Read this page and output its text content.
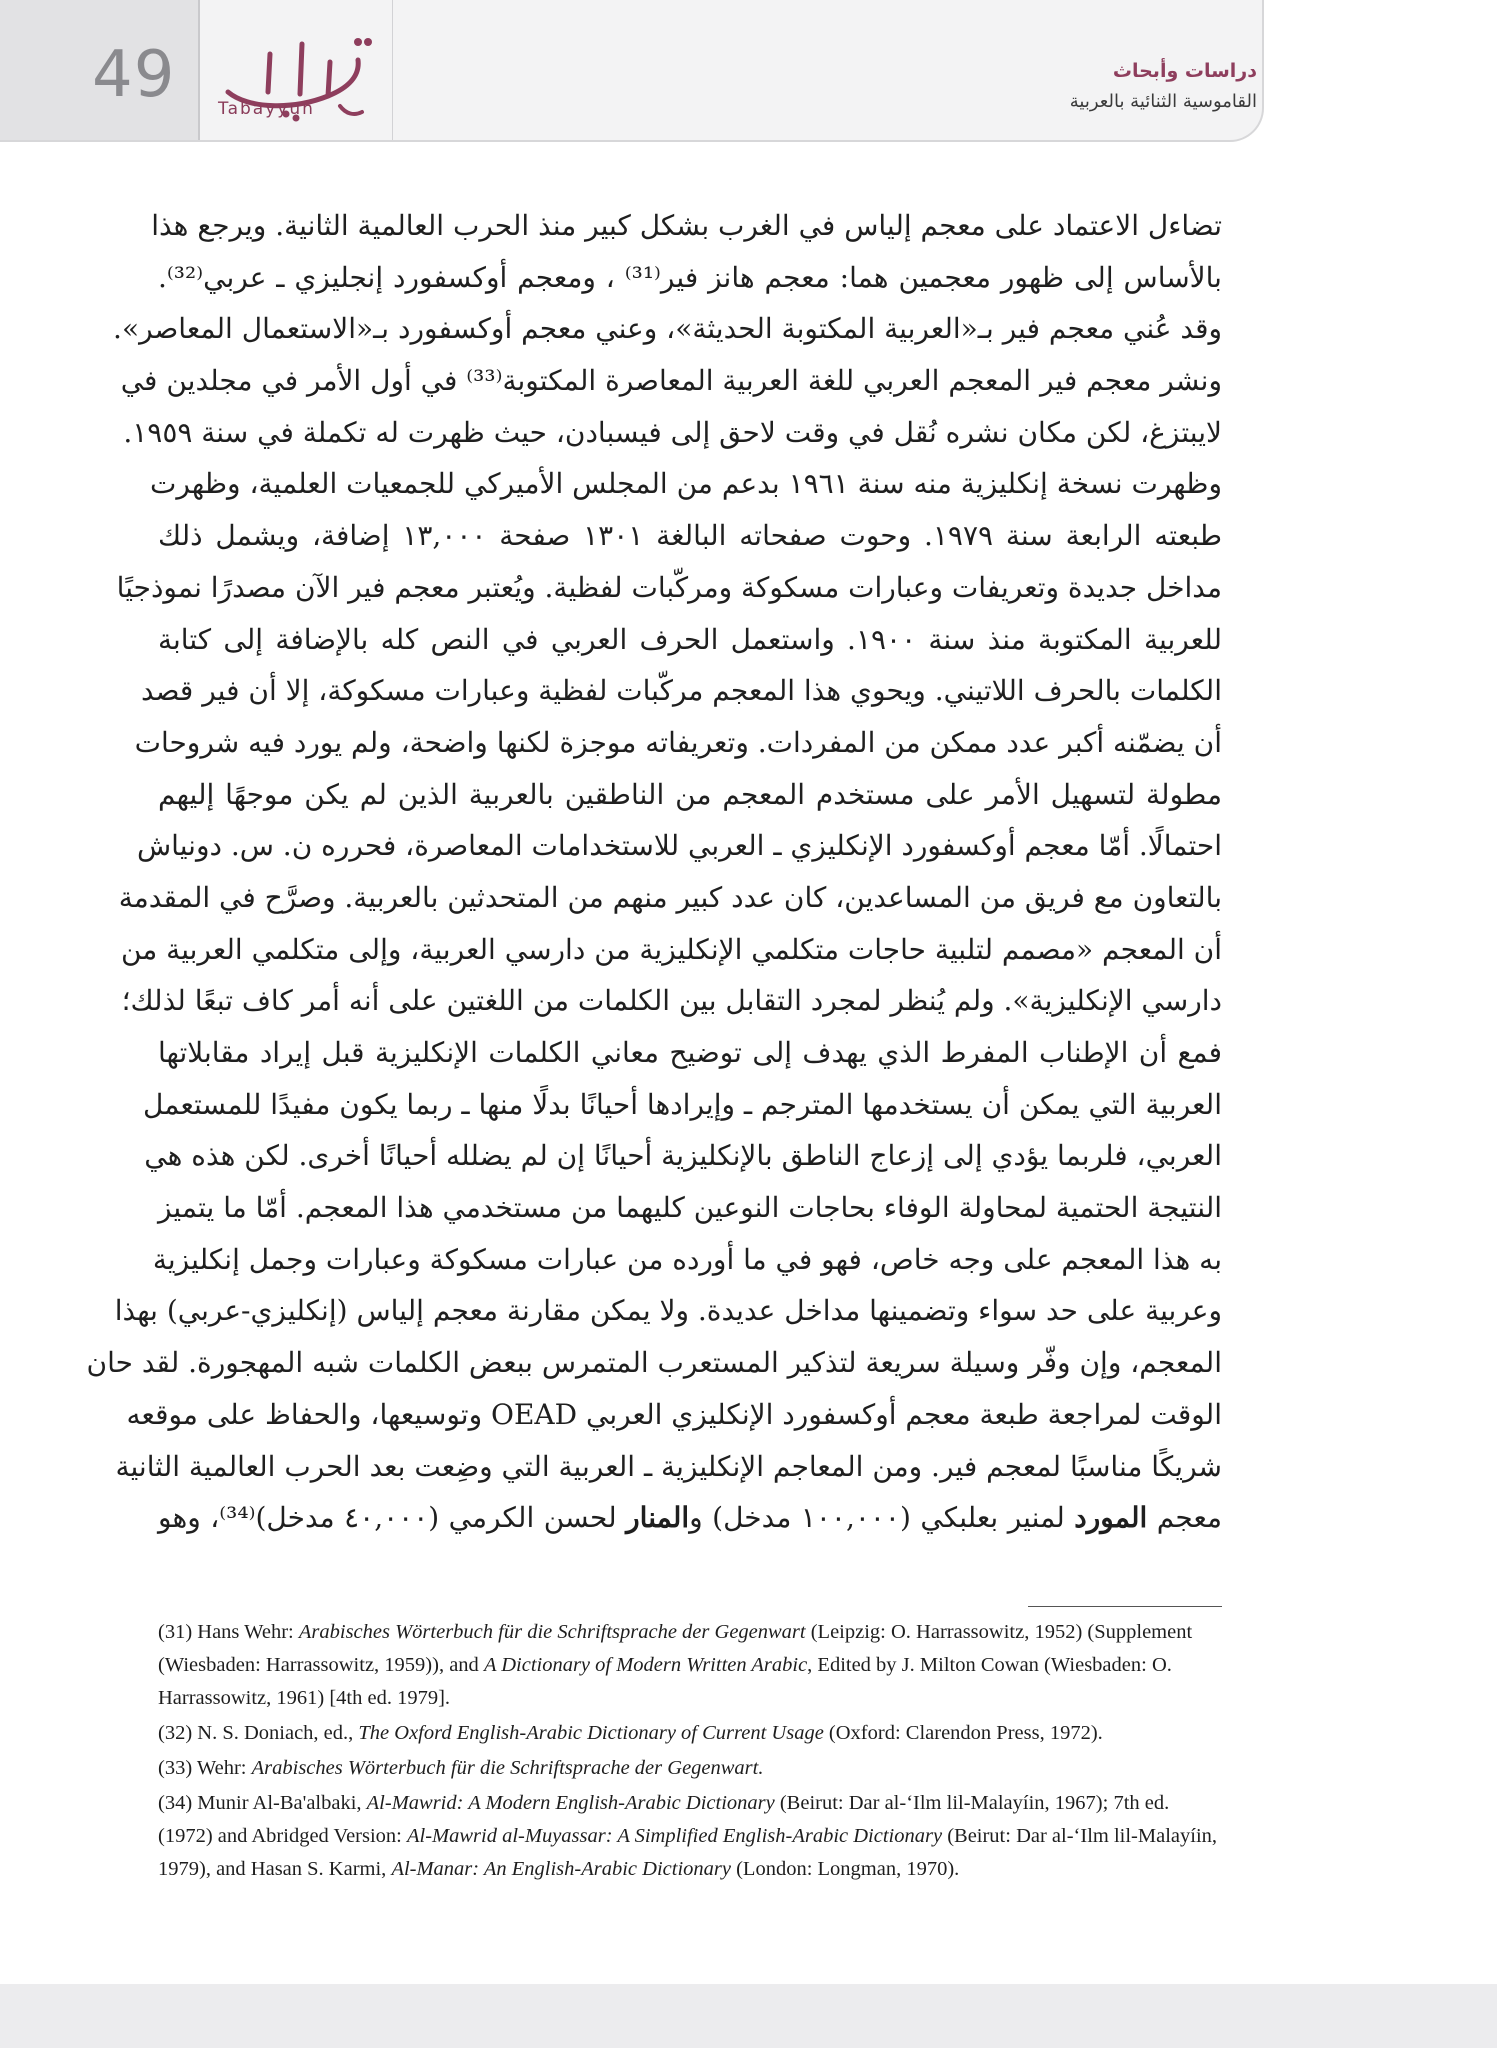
49	Tabayyun
دراسات وأبحاث
القاموسية الثنائية بالعربية
تضاءل الاعتماد على معجم إلياس في الغرب بشكل كبير منذ الحرب العالمية الثانية. ويرجع هذا
بالأساس إلى ظهور معجمين هما: معجم هانز فير⁽³¹⁾ ، ومعجم أوكسفورد إنجليزي ـ عربي⁽³²⁾.
وقد عُني معجم فير بـ«العربية المكتوبة الحديثة»، وعني معجم أوكسفورد بـ«الاستعمال المعاصر».
ونشر معجم فير المعجم العربي للغة العربية المعاصرة المكتوبة⁽³³⁾ في أول الأمر في مجلدين في
لايبتزغ، لكن مكان نشره نُقل في وقت لاحق إلى فيسبادن، حيث ظهرت له تكملة في سنة ١٩٥٩.
وظهرت نسخة إنكليزية منه سنة ١٩٦١ بدعم من المجلس الأميركي للجمعيات العلمية، وظهرت
طبعته الرابعة سنة ١٩٧٩. وحوت صفحاته البالغة ١٣٠١ صفحة ١٣,٠٠٠ إضافة، ويشمل ذلك
مداخل جديدة وتعريفات وعبارات مسكوكة ومركّبات لفظية. ويُعتبر معجم فير الآن مصدرًا نموذجيًا
للعربية المكتوبة منذ سنة ١٩٠٠. واستعمل الحرف العربي في النص كله بالإضافة إلى كتابة
الكلمات بالحرف اللاتيني. ويحوي هذا المعجم مركّبات لفظية وعبارات مسكوكة، إلا أن فير قصد
أن يضمّنه أكبر عدد ممكن من المفردات. وتعريفاته موجزة لكنها واضحة، ولم يورد فيه شروحات
مطولة لتسهيل الأمر على مستخدم المعجم من الناطقين بالعربية الذين لم يكن موجهًا إليهم
احتمالًا. أمّا معجم أوكسفورد الإنكليزي ـ العربي للاستخدامات المعاصرة، فحرره ن. س. دونياش
بالتعاون مع فريق من المساعدين، كان عدد كبير منهم من المتحدثين بالعربية. وصرَّح في المقدمة
أن المعجم «مصمم لتلبية حاجات متكلمي الإنكليزية من دارسي العربية، وإلى متكلمي العربية من
دارسي الإنكليزية». ولم يُنظر لمجرد التقابل بين الكلمات من اللغتين على أنه أمر كاف تبعًا لذلك؛
فمع أن الإطناب المفرط الذي يهدف إلى توضيح معاني الكلمات الإنكليزية قبل إيراد مقابلاتها
العربية التي يمكن أن يستخدمها المترجم ـ وإيرادها أحيانًا بدلًا منها ـ ربما يكون مفيدًا للمستعمل
العربي، فلربما يؤدي إلى إزعاج الناطق بالإنكليزية أحيانًا إن لم يضلله أحيانًا أخرى. لكن هذه هي
النتيجة الحتمية لمحاولة الوفاء بحاجات النوعين كليهما من مستخدمي هذا المعجم. أمّا ما يتميز
به هذا المعجم على وجه خاص، فهو في ما أورده من عبارات مسكوكة وعبارات وجمل إنكليزية
وعربية على حد سواء وتضمينها مداخل عديدة. ولا يمكن مقارنة معجم إلياس (إنكليزي-عربي) بهذا
المعجم، وإن وفّر وسيلة سريعة لتذكير المستعرب المتمرس ببعض الكلمات شبه المهجورة. لقد حان
الوقت لمراجعة طبعة معجم أوكسفورد الإنكليزي العربي OEAD وتوسيعها، والحفاظ على موقعه
شريكًا مناسبًا لمعجم فير. ومن المعاجم الإنكليزية ـ العربية التي وضِعت بعد الحرب العالمية الثانية
معجم المورد لمنير بعلبكي (١٠٠,٠٠٠ مدخل) والمنار لحسن الكرمي (٤٠,٠٠٠ مدخل)⁽³⁴⁾، وهو

(31) Hans Wehr: Arabisches Wörterbuch für die Schriftsprache der Gegenwart (Leipzig: O. Harrassowitz, 1952) (Supplement (Wiesbaden: Harrassowitz, 1959)), and A Dictionary of Modern Written Arabic, Edited by J. Milton Cowan (Wiesbaden: O. Harrassowitz, 1961) [4th ed. 1979].

(32) N. S. Doniach, ed., The Oxford English-Arabic Dictionary of Current Usage (Oxford: Clarendon Press, 1972).

(33) Wehr: Arabisches Wörterbuch für die Schriftsprache der Gegenwart.

(34) Munir Al-Ba'albaki, Al-Mawrid: A Modern English-Arabic Dictionary (Beirut: Dar al-‘Ilm lil-Malayíin, 1967); 7th ed. (1972) and Abridged Version: Al-Mawrid al-Muyassar: A Simplified English-Arabic Dictionary (Beirut: Dar al-‘Ilm lil-Malayíin, 1979), and Hasan S. Karmi, Al-Manar: An English-Arabic Dictionary (London: Longman, 1970).
